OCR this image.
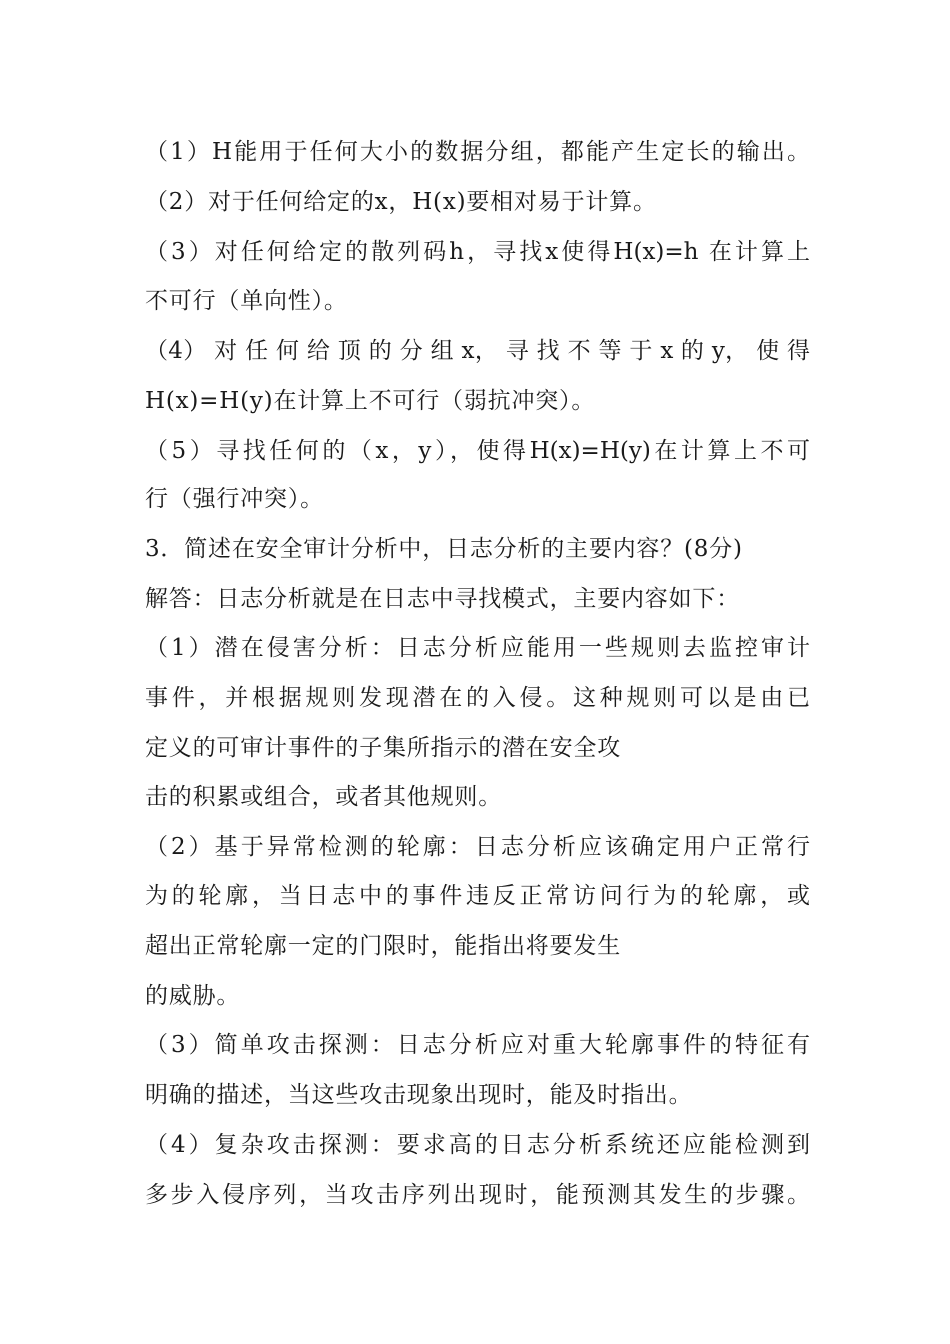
（1）H能用于任何大小的数据分组，都能产生定长的输出。
（2）对于任何给定的x，H(x)要相对易于计算。
（3）对任何给定的散列码h，寻找x使得H(x)=h 在计算上
不可行（单向性）。
（4） 对 任 何 给 顶 的 分 组 x， 寻 找 不 等 于 x 的 y， 使 得
H(x)=H(y)在计算上不可行（弱抗冲突）。
（5）寻找任何的（x，y），使得H(x)=H(y)在计算上不可
行（强行冲突）。
3．简述在安全审计分析中，日志分析的主要内容？(8分)
解答：日志分析就是在日志中寻找模式，主要内容如下：
（1）潜在侵害分析：日志分析应能用一些规则去监控审计
事件，并根据规则发现潜在的入侵。这种规则可以是由已
定义的可审计事件的子集所指示的潜在安全攻
击的积累或组合，或者其他规则。
（2）基于异常检测的轮廓：日志分析应该确定用户正常行
为的轮廓，当日志中的事件违反正常访问行为的轮廓，或
超出正常轮廓一定的门限时，能指出将要发生
的威胁。
（3）简单攻击探测：日志分析应对重大轮廓事件的特征有
明确的描述，当这些攻击现象出现时，能及时指出。
（4）复杂攻击探测：要求高的日志分析系统还应能检测到
多步入侵序列，当攻击序列出现时，能预测其发生的步骤。
